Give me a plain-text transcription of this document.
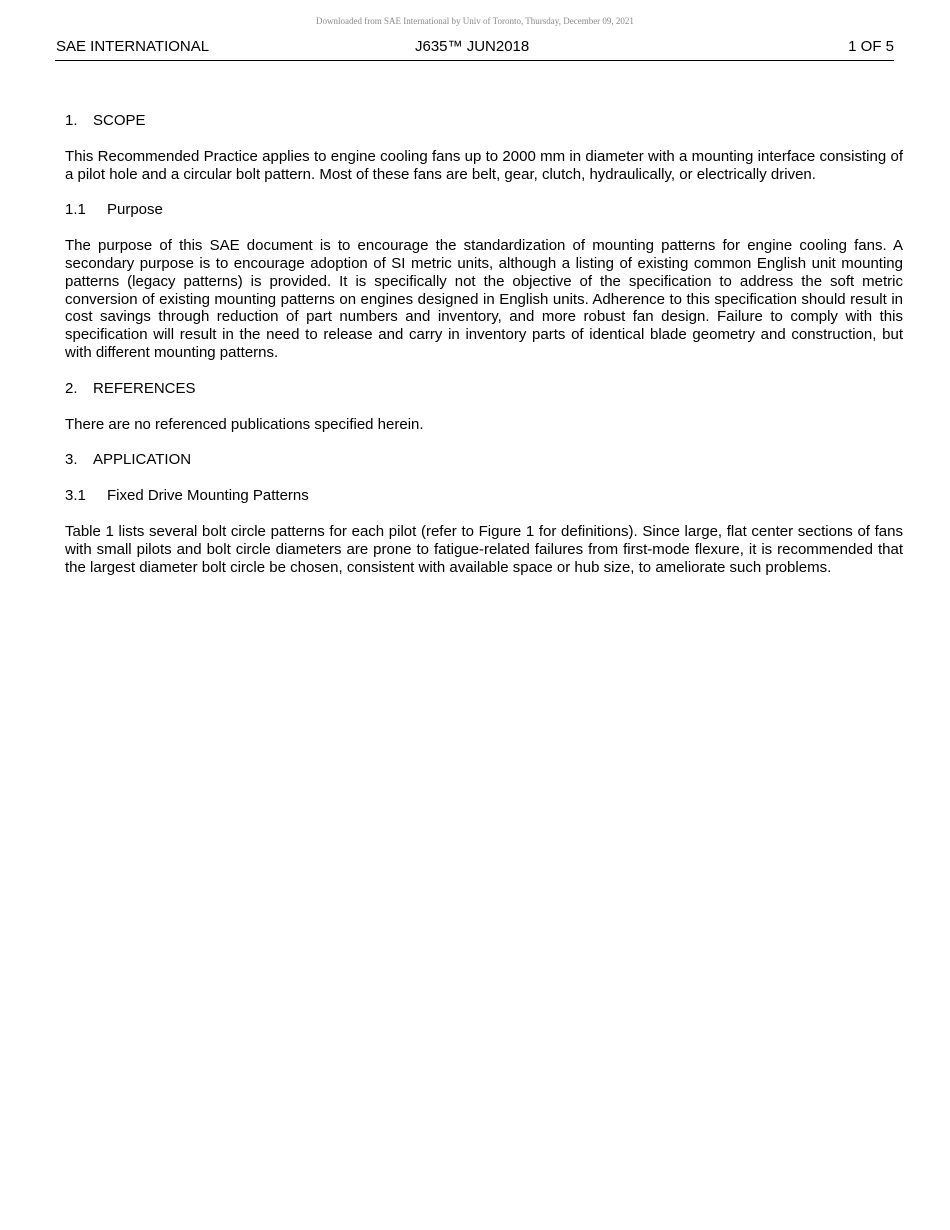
Downloaded from SAE International by Univ of Toronto, Thursday, December 09, 2021
SAE INTERNATIONAL	J635™ JUN2018	1 OF 5
1. SCOPE

This Recommended Practice applies to engine cooling fans up to 2000 mm in diameter with a mounting interface consisting of a pilot hole and a circular bolt pattern. Most of these fans are belt, gear, clutch, hydraulically, or electrically driven.

1.1 Purpose

The purpose of this SAE document is to encourage the standardization of mounting patterns for engine cooling fans. A secondary purpose is to encourage adoption of SI metric units, although a listing of existing common English unit mounting patterns (legacy patterns) is provided. It is specifically not the objective of the specification to address the soft metric conversion of existing mounting patterns on engines designed in English units. Adherence to this specification should result in cost savings through reduction of part numbers and inventory, and more robust fan design. Failure to comply with this specification will result in the need to release and carry in inventory parts of identical blade geometry and construction, but with different mounting patterns.

2. REFERENCES

There are no referenced publications specified herein.

3. APPLICATION
3.1 Fixed Drive Mounting Patterns

Table 1 lists several bolt circle patterns for each pilot (refer to Figure 1 for definitions). Since large, flat center sections of fans with small pilots and bolt circle diameters are prone to fatigue-related failures from first-mode flexure, it is recommended that the largest diameter bolt circle be chosen, consistent with available space or hub size, to ameliorate such problems.
